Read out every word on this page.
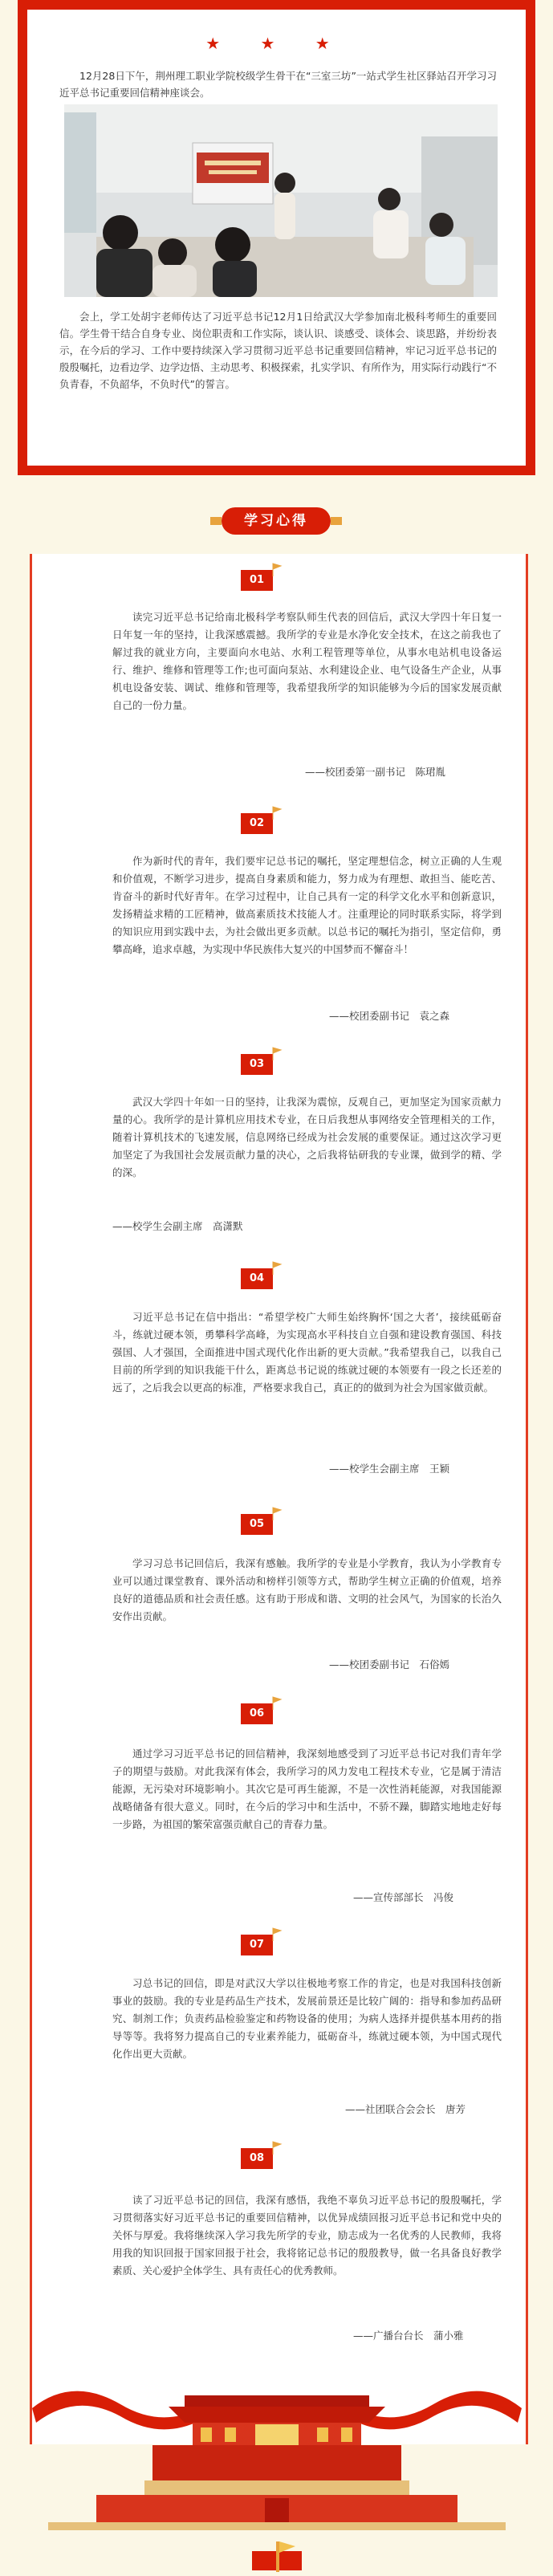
★ ★ ★

12月28日下午，荆州理工职业学院校级学生骨干在“三室三坊”一站式学生社区驿站召开学习习近平总书记重要回信精神座谈会。

会上，学工处胡宇老师传达了习近平总书记12月1日给武汉大学参加南北极科考师生的重要回信。学生骨干结合自身专业、岗位职责和工作实际，谈认识、谈感受、谈体会、谈思路，并纷纷表示，在今后的学习、工作中要持续深入学习贯彻习近平总书记重要回信精神，牢记习近平总书记的殷殷嘱托，边看边学、边学边悟、主动思考、积极探索，扎实学识、有所作为，用实际行动践行“不负青春，不负韶华，不负时代”的誓言。

学习心得
01

读完习近平总书记给南北极科学考察队师生代表的回信后，武汉大学四十年日复一日年复一年的坚持，让我深感震撼。我所学的专业是水净化安全技术，在这之前我也了解过我的就业方向，主要面向水电站、水利工程管理等单位，从事水电站机电设备运行、维护、维修和管理等工作;也可面向泵站、水利建设企业、电气设备生产企业，从事机电设备安装、调试、维修和管理等，我希望我所学的知识能够为今后的国家发展贡献自己的一份力量。

——校团委第一副书记　陈珺胤
02

作为新时代的青年，我们要牢记总书记的嘱托，坚定理想信念，树立正确的人生观和价值观，不断学习进步，提高自身素质和能力，努力成为有理想、敢担当、能吃苦、肯奋斗的新时代好青年。在学习过程中，让自己具有一定的科学文化水平和创新意识，发扬精益求精的工匠精神，做高素质技术技能人才。注重理论的同时联系实际，将学到的知识应用到实践中去，为社会做出更多贡献。以总书记的嘱托为指引，坚定信仰，勇攀高峰，追求卓越，为实现中华民族伟大复兴的中国梦而不懈奋斗！

——校团委副书记　袁之森
03

武汉大学四十年如一日的坚持，让我深为震惊，反观自己，更加坚定为国家贡献力量的心。我所学的是计算机应用技术专业，在日后我想从事网络安全管理相关的工作，随着计算机技术的飞速发展，信息网络已经成为社会发展的重要保证。通过这次学习更加坚定了为我国社会发展贡献力量的决心，之后我将钻研我的专业课，做到学的精、学的深。

——校学生会副主席　高潇默
04

习近平总书记在信中指出：“希望学校广大师生始终胸怀‘国之大者’，接续砥砺奋斗，练就过硬本领，勇攀科学高峰，为实现高水平科技自立自强和建设教育强国、科技强国、人才强国，全面推进中国式现代化作出新的更大贡献。”我希望我自己，以我自己目前的所学到的知识我能干什么，距离总书记说的练就过硬的本领要有一段之长还差的远了，之后我会以更高的标准，严格要求我自己，真正的的做到为社会为国家做贡献。

——校学生会副主席　王颖
05

学习习总书记回信后，我深有感触。我所学的专业是小学教育，我认为小学教育专业可以通过课堂教育、课外活动和榜样引领等方式，帮助学生树立正确的价值观，培养良好的道德品质和社会责任感。这有助于形成和谐、文明的社会风气，为国家的长治久安作出贡献。

——校团委副书记　石俗嫣
06

通过学习习近平总书记的回信精神，我深刻地感受到了习近平总书记对我们青年学子的期望与鼓励。对此我深有体会，我所学习的风力发电工程技术专业，它是属于清洁能源，无污染对环境影响小。其次它是可再生能源，不是一次性消耗能源，对我国能源战略储备有很大意义。同时，在今后的学习中和生活中，不骄不躁，脚踏实地地走好每一步路，为祖国的繁荣富强贡献自己的青春力量。

——宣传部部长　冯俊
07

习总书记的回信，即是对武汉大学以往极地考察工作的肯定，也是对我国科技创新事业的鼓励。我的专业是药品生产技术，发展前景还是比较广阔的：指导和参加药品研究、制剂工作；负责药品检验鉴定和药物设备的使用；为病人选择并提供基本用药的指导等等。我将努力提高自己的专业素养能力，砥砺奋斗，练就过硬本领，为中国式现代化作出更大贡献。

——社团联合会会长　唐芳
08

读了习近平总书记的回信，我深有感悟，我绝不辜负习近平总书记的殷殷嘱托，学习贯彻落实好习近平总书记的重要回信精神，以优异成绩回报习近平总书记和党中央的关怀与厚爱。我将继续深入学习我先所学的专业，励志成为一名优秀的人民教师，我将用我的知识回报于国家回报于社会，我将铭记总书记的殷殷教导，做一名具备良好教学素质、关心爱护全体学生、具有责任心的优秀教师。

——广播台台长　蒲小雅
